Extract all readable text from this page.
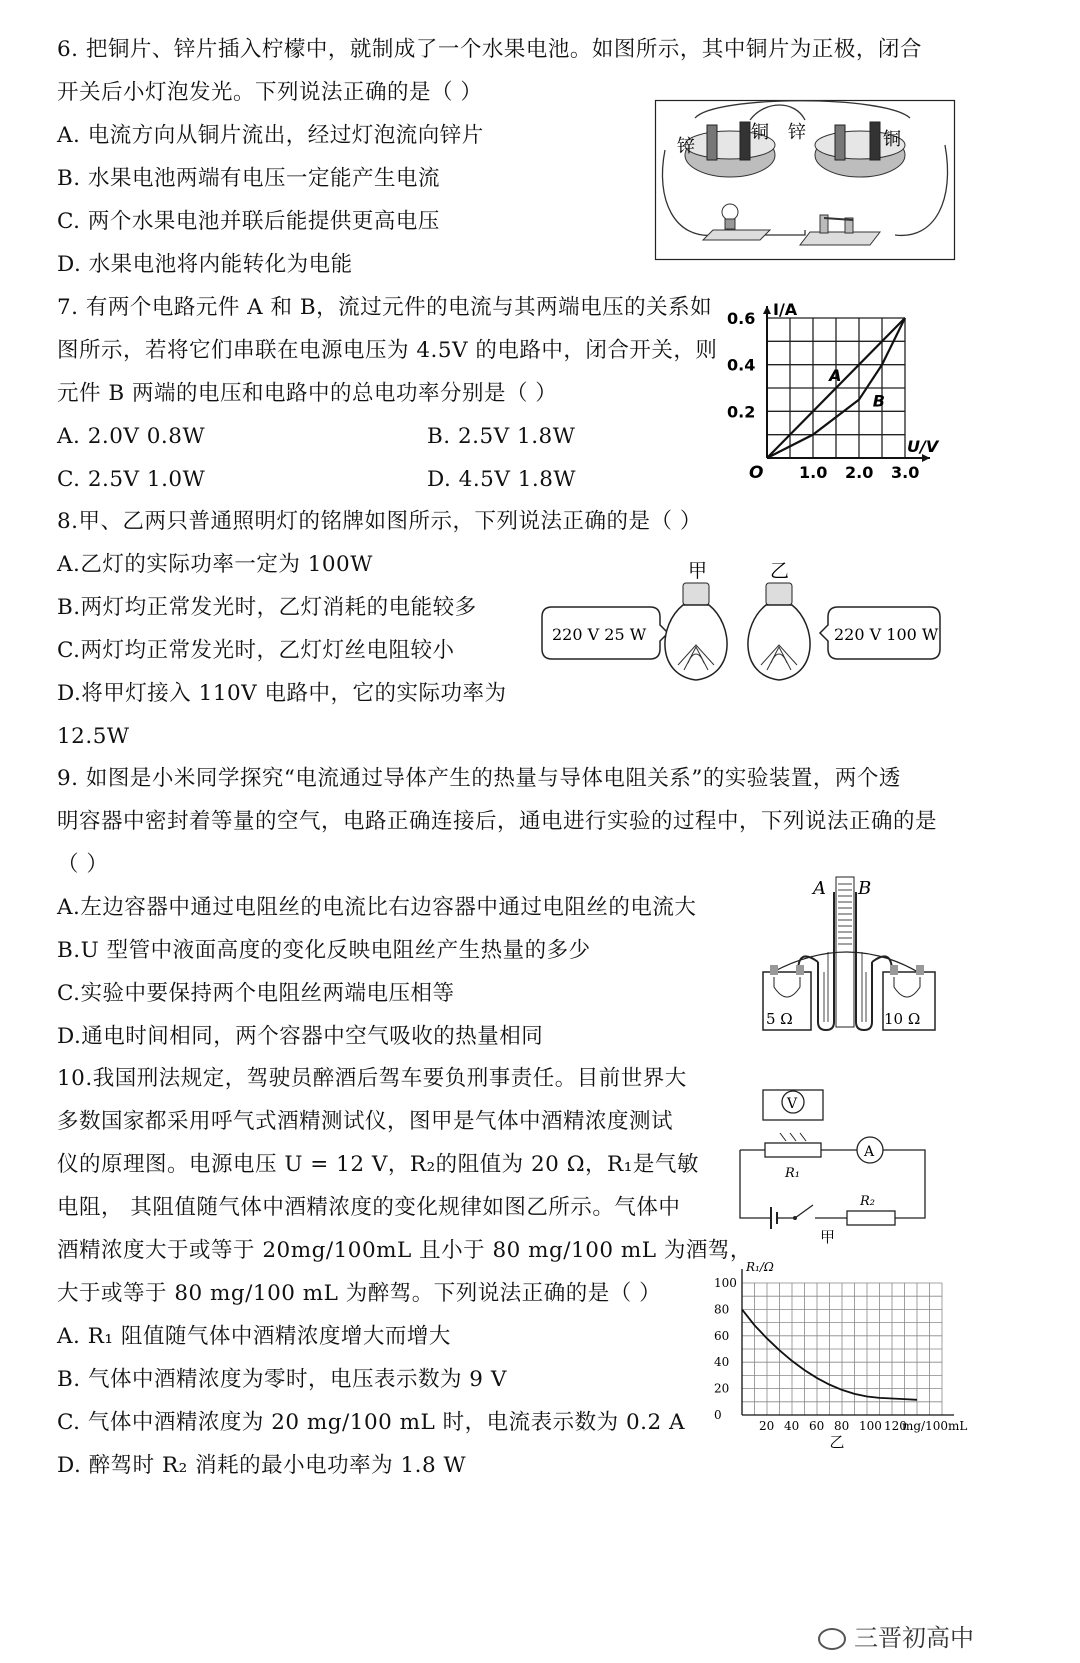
6. 把铜片、锌片插入柠檬中，就制成了一个水果电池。如图所示，其中铜片为正极，闭合
开关后小灯泡发光。下列说法正确的是（ ）
A. 电流方向从铜片流出，经过灯泡流向锌片
B. 水果电池两端有电压一定能产生电流
C. 两个水果电池并联后能提供更高电压
D. 水果电池将内能转化为电能
锌
铜 锌	铜
7. 有两个电路元件 A 和 B，流过元件的电流与其两端电压的关系如
图所示，若将它们串联在电源电压为 4.5V 的电路中，闭合开关，则
元件 B 两端的电压和电路中的总电功率分别是（ ）
A. 2.0V 0.8W	B. 2.5V 1.8W
C. 2.5V 1.0W	D. 4.5V 1.8W
I/A
U/V
O 1.0 2.0 3.0
0.2
0.4
0.6
A
B
8.甲、乙两只普通照明灯的铭牌如图所示，下列说法正确的是（ ）
A.乙灯的实际功率一定为 100W
B.两灯均正常发光时，乙灯消耗的电能较多
C.两灯均正常发光时，乙灯灯丝电阻较小
D.将甲灯接入 110V 电路中，它的实际功率为
12.5W
甲	乙
220 V 25 W	220 V 100 W
9. 如图是小米同学探究“电流通过导体产生的热量与导体电阻关系”的实验装置，两个透
明容器中密封着等量的空气，电路正确连接后，通电进行实验的过程中，下列说法正确的是
（ ）
A.左边容器中通过电阻丝的电流比右边容器中通过电阻丝的电流大
B.U 型管中液面高度的变化反映电阻丝产生热量的多少
C.实验中要保持两个电阻丝两端电压相等
D.通电时间相同，两个容器中空气吸收的热量相同
A B
5 Ω	10 Ω
10.我国刑法规定，驾驶员醉酒后驾车要负刑事责任。目前世界大
多数国家都采用呼气式酒精测试仪，图甲是气体中酒精浓度测试
仪的原理图。电源电压 U = 12 V，R₂的阻值为 20 Ω，R₁是气敏
电阻， 其阻值随气体中酒精浓度的变化规律如图乙所示。气体中
酒精浓度大于或等于 20mg/100mL 且小于 80 mg/100 mL 为酒驾，
大于或等于 80 mg/100 mL 为醉驾。下列说法正确的是（ ）
A. R₁ 阻值随气体中酒精浓度增大而增大
B. 气体中酒精浓度为零时，电压表示数为 9 V
C. 气体中酒精浓度为 20 mg/100 mL 时，电流表示数为 0.2 A
D. 醉驾时 R₂ 消耗的最小电功率为 1.8 W
V
R₁
A
R₂
甲
R₁/Ω
0
20
40
60
80
100
20 40 60 80 100 120
mg/100mL
乙
三晋初高中
